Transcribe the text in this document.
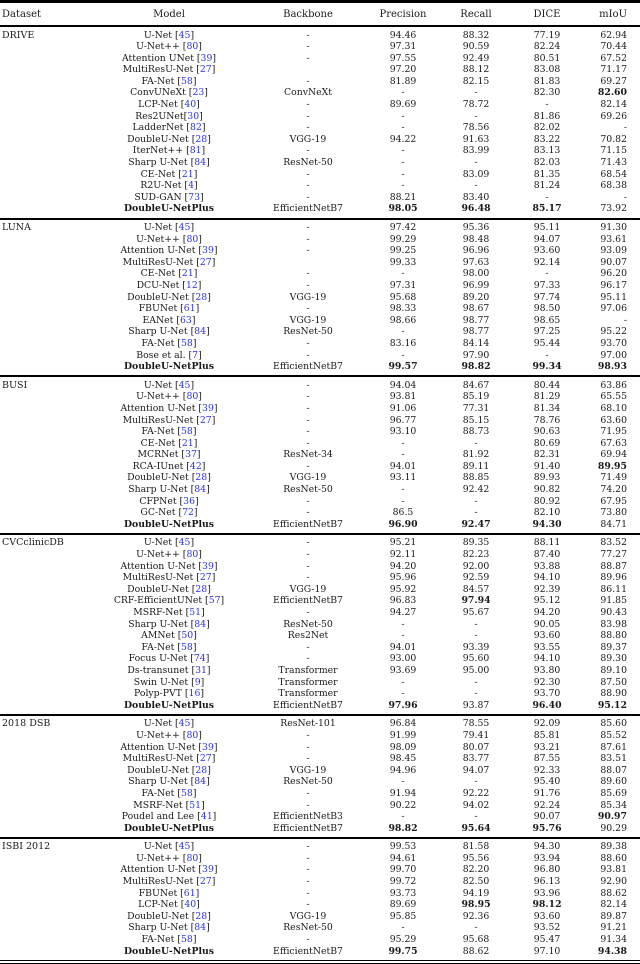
Dataset	Model	Backbone	Precision	Recall	DICE	mIoU
DRIVE	U-Net [45]	-	94.46	88.32	77.19	62.94
	U-Net++ [80]	-	97.31	90.59	82.24	70.44
	Attention UNet [39]	-	97.55	92.49	80.51	67.52
	MultiResU-Net [27]		97.20	88.12	83.08	71.17
	FA-Net [58]	-	81.89	82.15	81.83	69.27
	ConvUNeXt [23]	ConvNeXt	-	-	82.30	82.60
	LCP-Net [40]	-	89.69	78.72	-	82.14
	Res2UNet[30]	-	-	-	81.86	69.26
	LadderNet [82]	-	-	78.56	82.02	-
	DoubleU-Net [28]	VGG-19	94.22	91.63	83.22	70.82
	IterNet++ [81]	-	-	83.99	83.13	71.15
	Sharp U-Net [84]	ResNet-50	-	-	82.03	71.43
	CE-Net [21]	-	-	83.09	81.35	68.54
	R2U-Net [4]	-	-	-	81.24	68.38
	SUD-GAN [73]	-	88.21	83.40	-	-
	DoubleU-NetPlus	EfficientNetB7	98.05	96.48	85.17	73.92
LUNA	U-Net [45]	-	97.42	95.36	95.11	91.30
	U-Net++ [80]	-	99.29	98.48	94.07	93.61
	Attention U-Net [39]	-	99.25	96.96	93.60	93.09
	MultiResU-Net [27]		99.33	97.63	92.14	90.07
	CE-Net [21]	-	-	98.00	-	96.20
	DCU-Net [12]	-	97.31	96.99	97.33	96.17
	DoubleU-Net [28]	VGG-19	95.68	89.20	97.74	95.11
	FBUNet [61]	-	98.33	98.67	98.50	97.06
	EANet [63]	VGG-19	98.66	98.77	98.65	-
	Sharp U-Net [84]	ResNet-50	-	98.77	97.25	95.22
	FA-Net [58]	-	83.16	84.14	95.44	93.70
	Bose et al. [7]	-	-	97.90	-	97.00
	DoubleU-NetPlus	EfficientNetB7	99.57	98.82	99.34	98.93
BUSI	U-Net [45]	-	94.04	84.67	80.44	63.86
	U-Net++ [80]	-	93.81	85.19	81.29	65.55
	Attention U-Net [39]	-	91.06	77.31	81.34	68.10
	MultiResU-Net [27]	-	96.77	85.15	78.76	63.60
	FA-Net [58]	-	93.10	88.73	90.63	71.95
	CE-Net [21]	-	-	-	80.69	67.63
	MCRNet [37]	ResNet-34	-	81.92	82.31	69.94
	RCA-IUnet [42]	-	94.01	89.11	91.40	89.95
	DoubleU-Net [28]	VGG-19	93.11	88.85	89.93	71.49
	Sharp U-Net [84]	ResNet-50	-	92.42	90.82	74.20
	CFPNet [36]	-	-	-	80.92	67.95
	GC-Net [72]	-	86.5	-	82.10	73.80
	DoubleU-NetPlus	EfficientNetB7	96.90	92.47	94.30	84.71
CVCclinicDB	U-Net [45]	-	95.21	89.35	88.11	83.52
	U-Net++ [80]	-	92.11	82.23	87.40	77.27
	Attention U-Net [39]	-	94.20	92.00	93.88	88.87
	MultiResU-Net [27]	-	95.96	92.59	94.10	89.96
	DoubleU-Net [28]	VGG-19	95.92	84.57	92.39	86.11
	CRF-EfficientUNet [57]	EfficientNetB7	96.83	97.94	95.12	91.85
	MSRF-Net [51]	-	94.27	95.67	94.20	90.43
	Sharp U-Net [84]	ResNet-50	-	-	90.05	83.98
	AMNet [50]	Res2Net	-	-	93.60	88.80
	FA-Net [58]	-	94.01	93.39	93.55	89.37
	Focus U-Net [74]	-	93.00	95.60	94.10	89.30
	Ds-transunet [31]	Transformer	93.69	95.00	93.80	89.10
	Swin U-Net [9]	Transformer	-	-	92.30	87.50
	Polyp-PVT [16]	Transformer	-	-	93.70	88.90
	DoubleU-NetPlus	EfficientNetB7	97.96	93.87	96.40	95.12
2018 DSB	U-Net [45]	ResNet-101	96.84	78.55	92.09	85.60
	U-Net++ [80]	-	91.99	79.41	85.81	85.52
	Attention U-Net [39]	-	98.09	80.07	93.21	87.61
	MultiResU-Net [27]	-	98.45	83.77	87.55	83.51
	DoubleU-Net [28]	VGG-19	94.96	94.07	92.33	88.07
	Sharp U-Net [84]	ResNet-50	-	-	95.40	89.60
	FA-Net [58]	-	91.94	92.22	91.76	85.69
	MSRF-Net [51]	-	90.22	94.02	92.24	85.34
	Poudel and Lee [41]	EfficientNetB3	-	-	90.07	90.97
	DoubleU-NetPlus	EfficientNetB7	98.82	95.64	95.76	90.29
ISBI 2012	U-Net [45]	-	99.53	81.58	94.30	89.38
	U-Net++ [80]	-	94.61	95.56	93.94	88.60
	Attention U-Net [39]	-	99.70	82.20	96.80	93.81
	MultiResU-Net [27]	-	99.72	82.50	96.13	92.90
	FBUNet [61]	-	93.73	94.19	93.96	88.62
	LCP-Net [40]	-	89.69	98.95	98.12	82.14
	DoubleU-Net [28]	VGG-19	95.85	92.36	93.60	89.87
	Sharp U-Net [84]	ResNet-50	-	-	93.52	91.21
	FA-Net [58]	-	95.29	95.68	95.47	91.34
	DoubleU-NetPlus	EfficientNetB7	99.75	88.62	97.10	94.38
